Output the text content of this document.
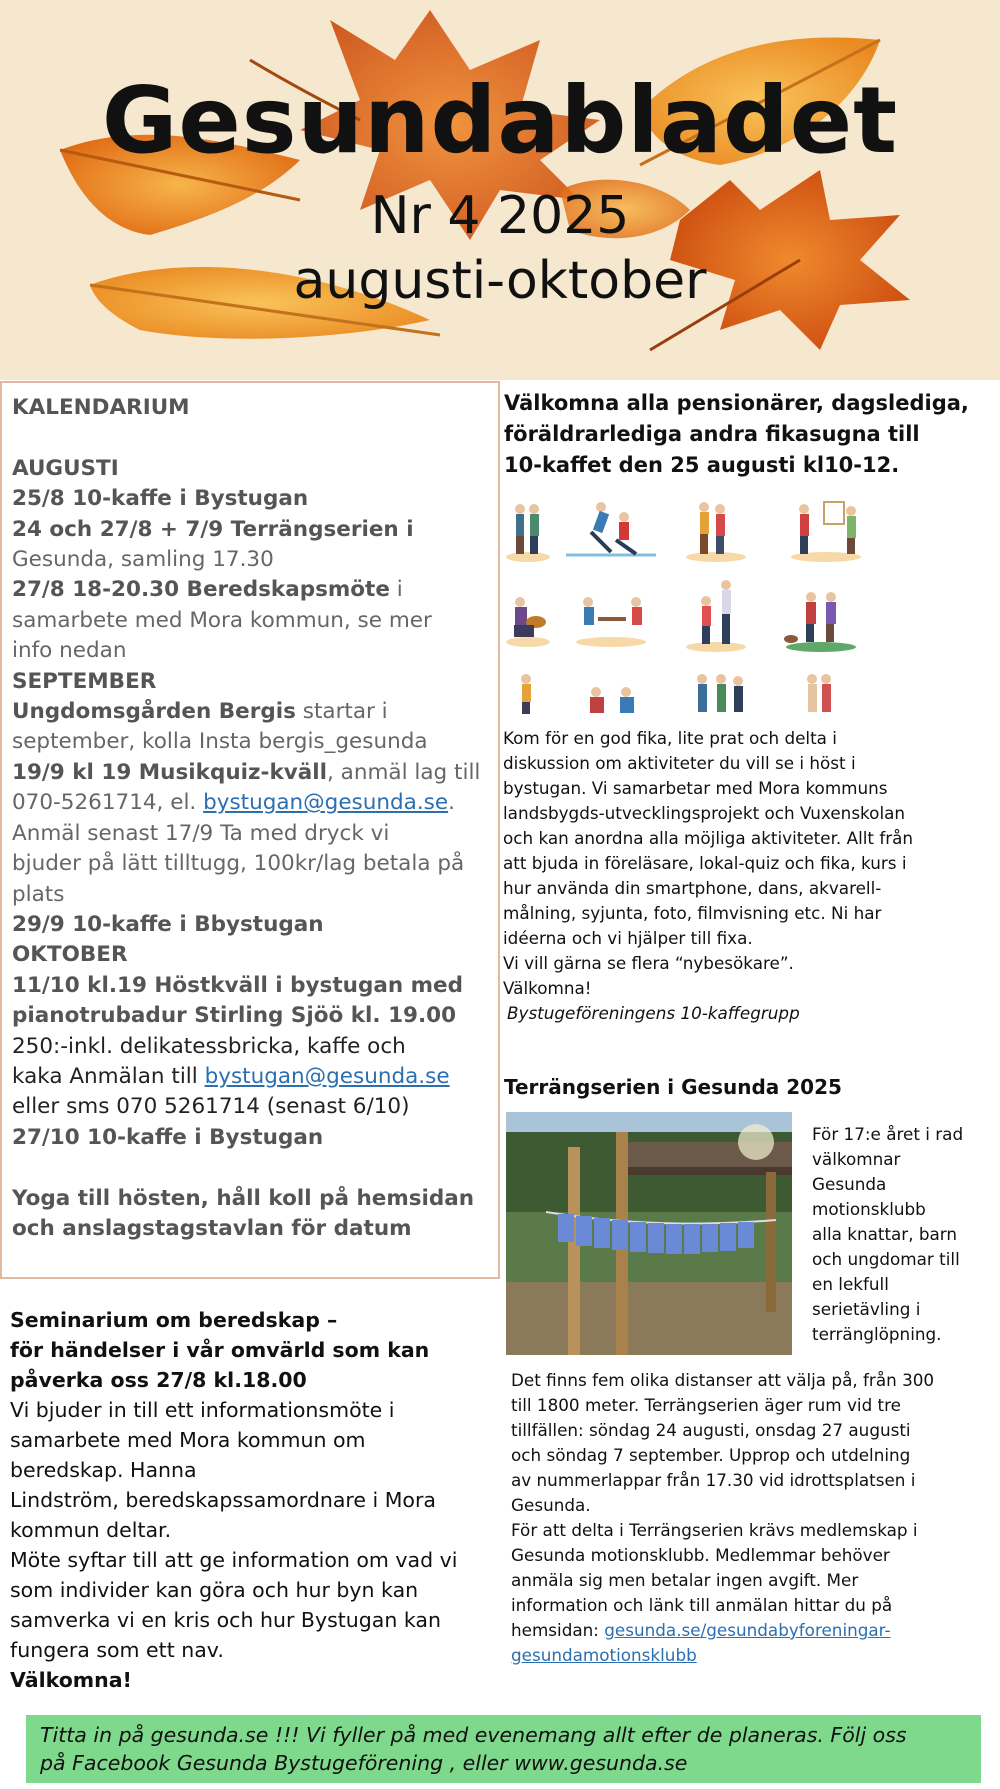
Gesundabladet
Nr 4 2025
augusti-oktober
KALENDARIUM

AUGUSTI
25/8 10-kaffe i Bystugan
24 och 27/8 + 7/9 Terrängserien i
Gesunda, samling 17.30
27/8 18-20.30 Beredskapsmöte i
samarbete med Mora kommun, se mer
info nedan
SEPTEMBER
Ungdomsgården Bergis startar i
september, kolla Insta bergis_gesunda
19/9 kl 19 Musikquiz-kväll, anmäl lag till
070-5261714, el. bystugan@gesunda.se.
Anmäl senast 17/9 Ta med dryck vi
bjuder på lätt tilltugg, 100kr/lag betala på
plats
29/9 10-kaffe i Bbystugan
OKTOBER
11/10 kl.19 Höstkväll i bystugan med
pianotrubadur Stirling Sjöö kl. 19.00
250:-inkl. delikatessbricka, kaffe och
kaka Anmälan till bystugan@gesunda.se
eller sms 070 5261714 (senast 6/10)
27/10 10-kaffe i Bystugan

Yoga till hösten, håll koll på hemsidan
och anslagstagstavlan för datum

Seminarium om beredskap –

för händelser i vår omvärld som kan

påverka oss 27/8 kl.18.00

Vi bjuder in till ett informationsmöte i

samarbete med Mora kommun om

beredskap. Hanna

Lindström, beredskapssamordnare i Mora

kommun deltar.

Möte syftar till att ge information om vad vi

som individer kan göra och hur byn kan

samverka vi en kris och hur Bystugan kan

fungera som ett nav.

Välkomna!

Välkomna alla pensionärer, dagslediga,
föräldrarlediga andra fikasugna till
10-kaffet den 25 augusti kl10-12.

Kom för en god fika, lite prat och delta i

diskussion om aktiviteter du vill se i höst i

bystugan. Vi samarbetar med Mora kommuns

landsbygds-utvecklingsprojekt och Vuxenskolan

och kan anordna alla möjliga aktiviteter. Allt från

att bjuda in föreläsare, lokal-quiz och fika, kurs i

hur använda din smartphone, dans, akvarell-

målning, syjunta, foto, filmvisning etc. Ni har

idéerna och vi hjälper till fixa.

Vi vill gärna se flera “nybesökare”.

Välkomna!

Bystugeföreningens 10-kaffegrupp

Terrängserien i Gesunda 2025
För 17:e året i rad
välkomnar
Gesunda
motionsklubb
alla knattar, barn
och ungdomar till
en lekfull
serietävling i
terränglöpning.

Det finns fem olika distanser att välja på, från 300

till 1800 meter. Terrängserien äger rum vid tre

tillfällen: söndag 24 augusti, onsdag 27 augusti

och söndag 7 september. Upprop och utdelning

av nummerlappar från 17.30 vid idrottsplatsen i

Gesunda.

För att delta i Terrängserien krävs medlemskap i

Gesunda motionsklubb. Medlemmar behöver

anmäla sig men betalar ingen avgift. Mer

information och länk till anmälan hittar du på

hemsidan: gesunda.se/gesundabyforeningar-

gesundamotionsklubb

Titta in på gesunda.se !!! Vi fyller på med evenemang allt efter de planeras. Följ oss
på Facebook Gesunda Bystugeförening , eller www.gesunda.se
